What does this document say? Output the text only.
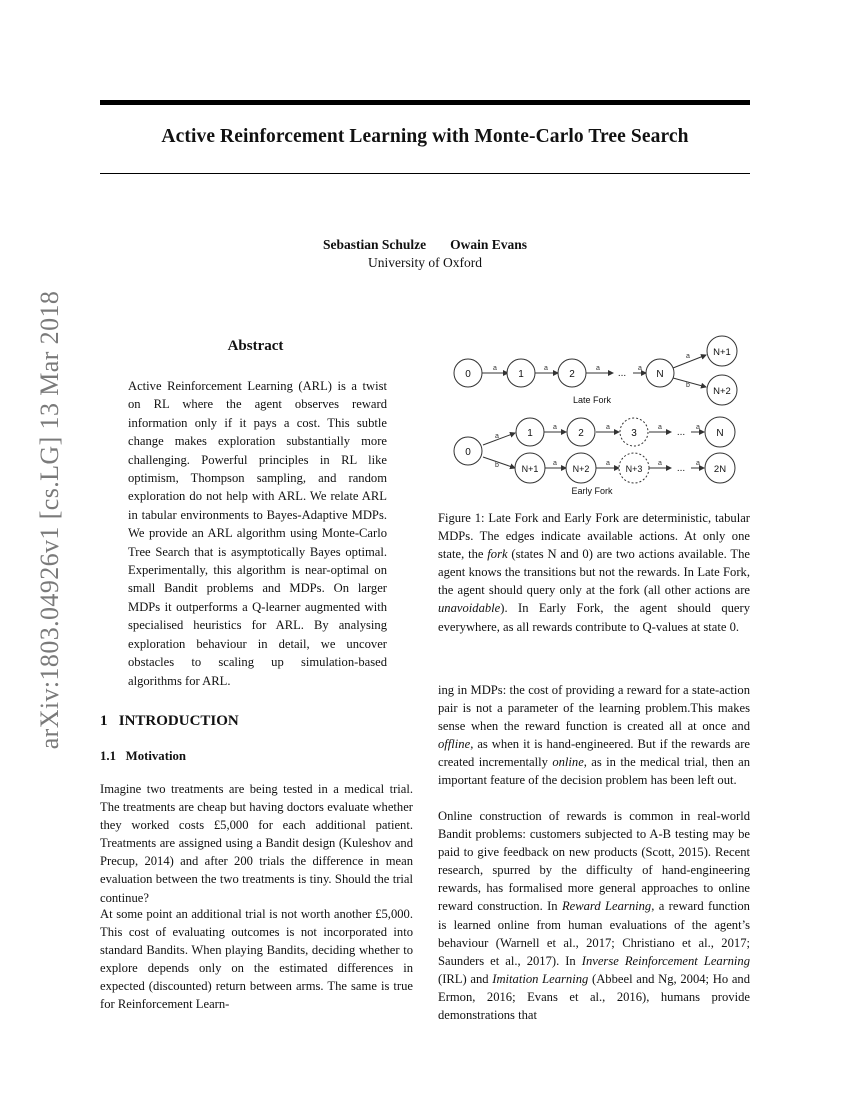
Active Reinforcement Learning with Monte-Carlo Tree Search
Sebastian Schulze Owain Evans
University of Oxford
arXiv:1803.04926v1 [cs.LG] 13 Mar 2018	Abstract
Active Reinforcement Learning (ARL) is a twist on RL where the agent observes reward information only if it pays a cost. This subtle change makes exploration substantially more challenging. Powerful principles in RL like optimism, Thompson sampling, and random exploration do not help with ARL. We relate ARL in tabular environments to Bayes-Adaptive MDPs. We provide an ARL algorithm using Monte-Carlo Tree Search that is asymptotically Bayes optimal. Experimentally, this algorithm is near-optimal on small Bandit problems and MDPs. On larger MDPs it outperforms a Q-learner augmented with specialised heuristics for ARL. By analysing exploration behaviour in detail, we uncover obstacles to scaling up simulation-based algorithms for ARL.
0	1	2	N
...
N+1
N+2
Late Fork
0
1	2	3	N
...
N+1	N+2	N+3	2N
...
Early Fork
a	a	a	a
a
b
a
a	a	a	a
b	a	a	a	a
Figure 1: Late Fork and Early Fork are deterministic, tabular MDPs. The edges indicate available actions. At only one state, the fork (states N and 0) are two actions available. The agent knows the transitions but not the rewards. In Late Fork, the agent should query only at the fork (all other actions are unavoidable). In Early Fork, the agent should query everywhere, as all rewards contribute to Q-values at state 0.
1 INTRODUCTION
1.1 Motivation
Imagine two treatments are being tested in a medical trial. The treatments are cheap but having doctors evaluate whether they worked costs £5,000 for each additional patient. Treatments are assigned using a Bandit design (Kuleshov and Precup, 2014) and after 200 trials the difference in mean evaluation between the two treatments is tiny. Should the trial continue?
At some point an additional trial is not worth another £5,000. This cost of evaluating outcomes is not incorporated into standard Bandits. When playing Bandits, deciding whether to explore depends only on the estimated differences in expected (discounted) return between arms. The same is true for Reinforcement Learn-
ing in MDPs: the cost of providing a reward for a state-action pair is not a parameter of the learning problem.This makes sense when the reward function is created all at once and offline, as when it is hand-engineered. But if the rewards are created incrementally online, as in the medical trial, then an important feature of the decision problem has been left out.
Online construction of rewards is common in real-world Bandit problems: customers subjected to A-B testing may be paid to give feedback on new products (Scott, 2015). Recent research, spurred by the difficulty of hand-engineering rewards, has formalised more general approaches to online reward construction. In Reward Learning, a reward function is learned online from human evaluations of the agent’s behaviour (Warnell et al., 2017; Christiano et al., 2017; Saunders et al., 2017). In Inverse Reinforcement Learning (IRL) and Imitation Learning (Abbeel and Ng, 2004; Ho and Ermon, 2016; Evans et al., 2016), humans provide demonstrations that
